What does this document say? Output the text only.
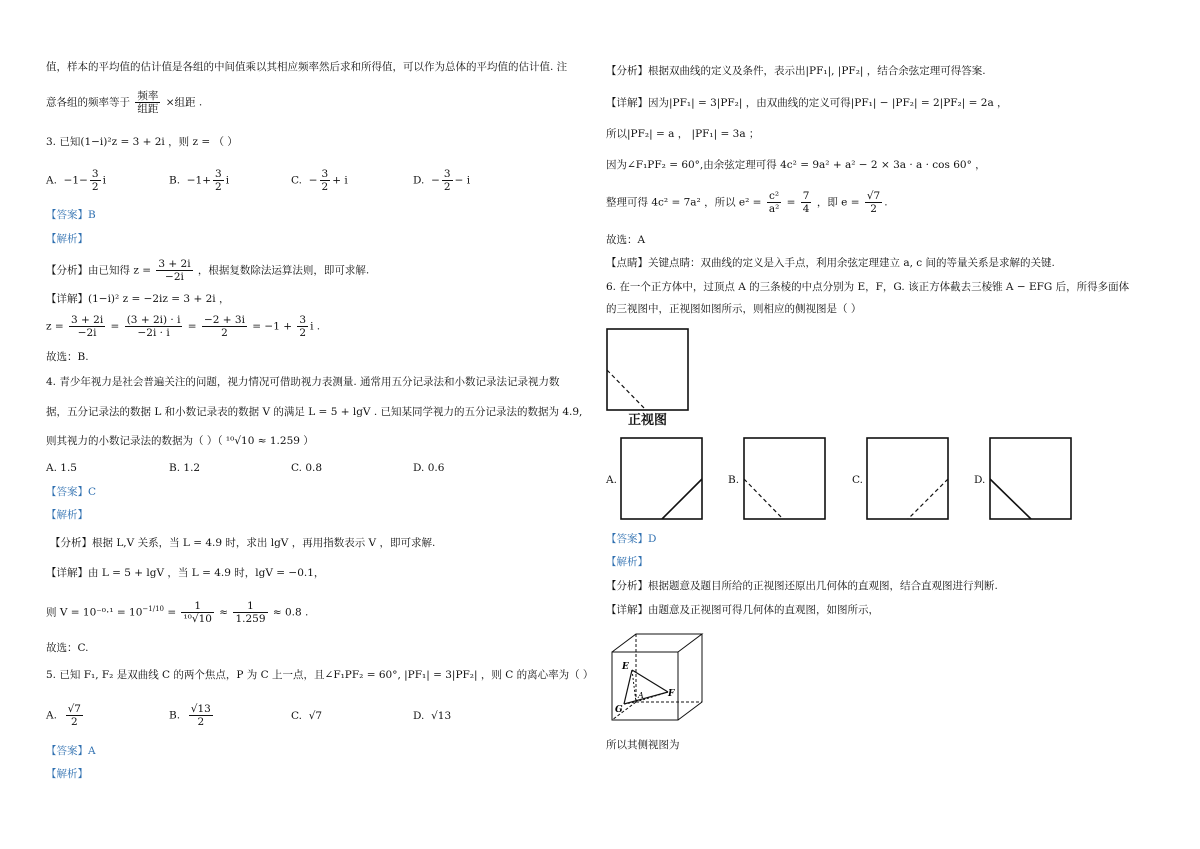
值，样本的平均值的估计值是各组的中间值乘以其相应频率然后求和所得值，可以作为总体的平均值的估计值. 注
意各组的频率等于 $\frac{\text{频率}}{\text{组距}}$ ×组距 .
3. 已知(1−i)²z = 3 + 2i ，则 z = （ ）
A. $-1- \frac{3}{2}$ i	B. $-1+ \frac{3}{2}$ i	C. − $\frac{3}{2} + i$	D. − $\frac{3}{2} - i$
【答案】B
【解析】
【分析】由已知得 $z = \frac{3 + 2i}{-2i}$ ，根据复数除法运算法则，即可求解.
【详解】(1−i)² z = −2iz = 3 + 2i ，
$z = \frac{3 + 2i}{-2i} = \frac{(3 + 2i) \cdot i}{-2i \cdot i} = \frac{-2 + 3i}{2} = -1 + \frac{3}{2}$ i .
故选：B.
4. 青少年视力是社会普遍关注的问题，视力情况可借助视力表测量. 通常用五分记录法和小数记录法记录视力数
据，五分记录法的数据 L 和小数记录表的数据 V 的满足 L = 5 + lgV . 已知某同学视力的五分记录法的数据为 4.9,
则其视力的小数记录法的数据为（ ）（ ¹⁰√10 ≈ 1.259 ）
A. 1.5	B. 1.2	C. 0.8	D. 0.6
【答案】C
【解析】
【分析】根据 L,V 关系，当 L = 4.9 时，求出 lgV ，再用指数表示 V ，即可求解.
【详解】由 L = 5 + lgV ，当 L = 4.9 时，lgV = −0.1，
则 $V = 10^{-0}\cdot^1 = 10^{-1/10} = \frac{1}{\text{¹⁰√10}} \approx \frac{1}{1.259} \approx 0.8$ .
故选：C.
5. 已知 F₁, F₂ 是双曲线 C 的两个焦点，P 为 C 上一点，且∠F₁PF₂ = 60°, |PF₁| = 3|PF₂| ，则 C 的离心率为（ ）
A. $\frac{√7}{2}$	B. $\frac{√13}{2}$	C. √7	D. √13
【答案】A
【解析】
【分析】根据双曲线的定义及条件，表示出|PF₁|, |PF₂| ，结合余弦定理可得答案.
【详解】因为|PF₁| = 3|PF₂| ，由双曲线的定义可得|PF₁| − |PF₂| = 2|PF₂| = 2a ，
所以|PF₂| = a ， |PF₁| = 3a ；
因为∠F₁PF₂ = 60°,由余弦定理可得 4c² = 9a² + a² − 2 × 3a · a · cos 60° ，
整理可得 4c² = 7a² ，所以 $e^2 = \frac{\text{c²}}{\text{a²}} = \frac{7}{4}$ ，即 $e = \frac{√7}{2}$ .
故选：A
【点睛】关键点睛：双曲线的定义是入手点，利用余弦定理建立 a, c 间的等量关系是求解的关键.
6. 在一个正方体中，过顶点 A 的三条棱的中点分别为 E，F，G. 该正方体截去三棱锥 A − EFG 后，所得多面体
的三视图中，正视图如图所示，则相应的侧视图是（ ）
正视图
A.	B.	C.	D.
【答案】D
【解析】
【分析】根据题意及题目所给的正视图还原出几何体的直观图，结合直观图进行判断.
【详解】由题意及正视图可得几何体的直观图，如图所示，
E
A	F
G
所以其侧视图为
